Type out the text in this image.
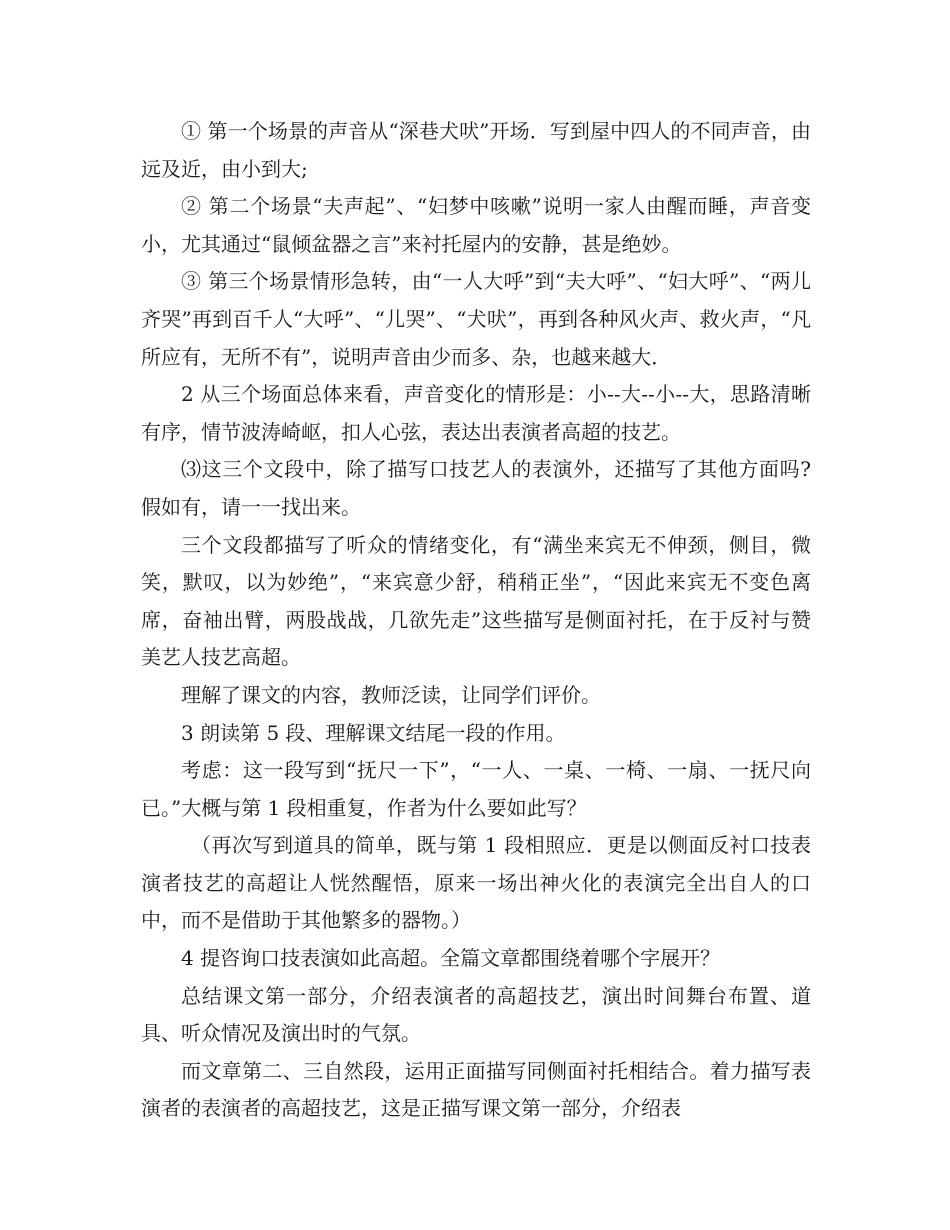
① 第一个场景的声音从“深巷犬吠”开场．写到屋中四人的不同声音，由远及近，由小到大;

② 第二个场景“夫声起”、“妇梦中咳嗽”说明一家人由醒而睡，声音变小，尤其通过“鼠倾盆器之言”来衬托屋内的安静，甚是绝妙。

③ 第三个场景情形急转，由“一人大呼”到“夫大呼”、“妇大呼”、“两儿齐哭”再到百千人“大呼”、“儿哭”、“犬吠”，再到各种风火声、救火声，“凡所应有，无所不有”，说明声音由少而多、杂，也越来越大．

2 从三个场面总体来看，声音变化的情形是：小--大--小--大，思路清晰有序，情节波涛崎岖，扣人心弦，表达出表演者高超的技艺。

⑶这三个文段中，除了描写口技艺人的表演外，还描写了其他方面吗?假如有，请一一找出来。

三个文段都描写了听众的情绪变化，有“满坐来宾无不伸颈，侧目，微笑，默叹，以为妙绝”，“来宾意少舒，稍稍正坐”，“因此来宾无不变色离席，奋袖出臂，两股战战，几欲先走”这些描写是侧面衬托，在于反衬与赞美艺人技艺高超。

理解了课文的内容，教师泛读，让同学们评价。

3 朗读第 5 段、理解课文结尾一段的作用。

考虑：这一段写到“抚尺一下”，“一人、一桌、一椅、一扇、一抚尺向已。”大概与第 1 段相重复，作者为什么要如此写？

（再次写到道具的简单，既与第 1 段相照应．更是以侧面反衬口技表演者技艺的高超让人恍然醒悟，原来一场出神火化的表演完全出自人的口中，而不是借助于其他繁多的器物。）

4 提咨询口技表演如此高超。全篇文章都围绕着哪个字展开？

总结课文第一部分，介绍表演者的高超技艺，演出时间舞台布置、道具、听众情况及演出时的气氛。

而文章第二、三自然段，运用正面描写同侧面衬托相结合。着力描写表演者的表演者的高超技艺，这是正描写课文第一部分，介绍表
